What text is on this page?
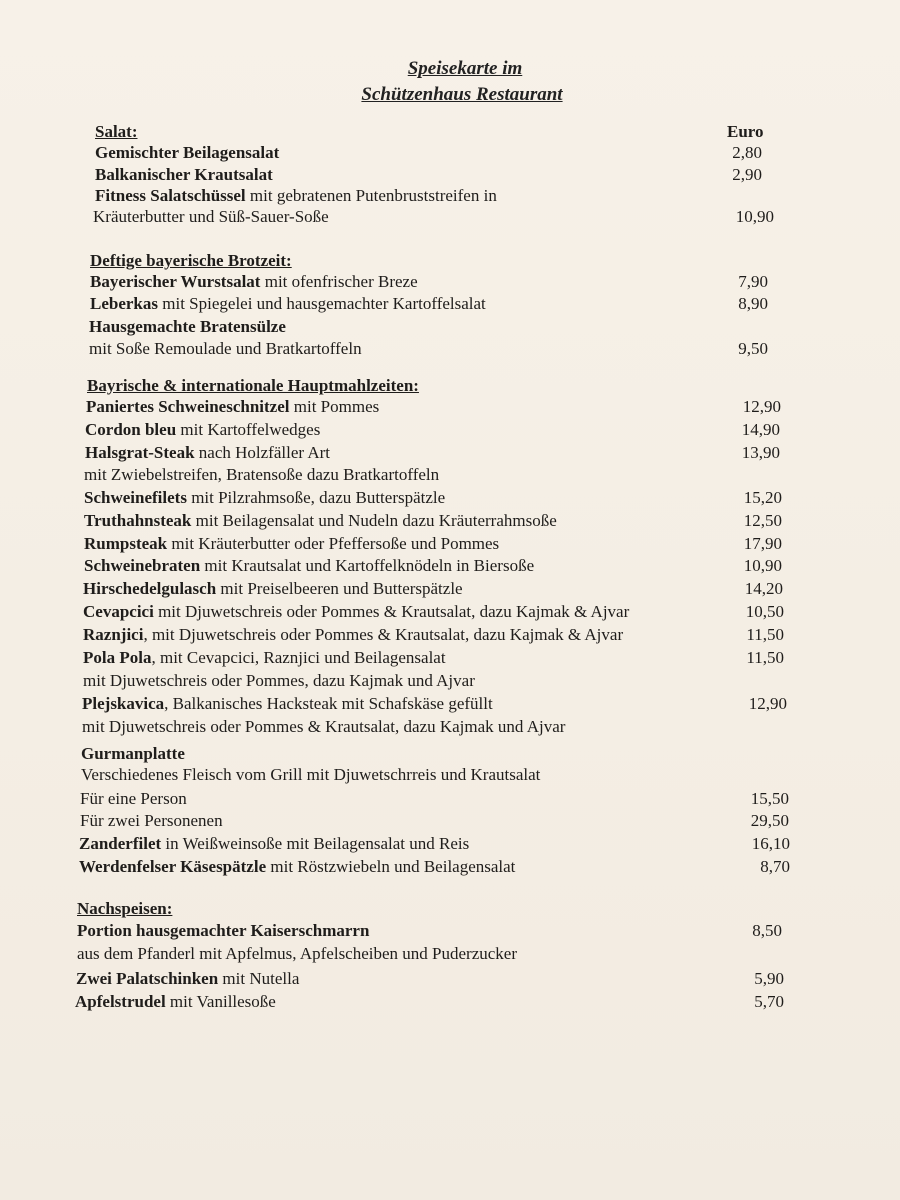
Speisekarte im
Schützenhaus Restaurant
Euro
Salat:
Gemischter Beilagensalat	2,80
Balkanischer Krautsalat	2,90
Fitness Salatschüssel mit gebratenen Putenbruststreifen in
Kräuterbutter und Süß-Sauer-Soße	10,90
Deftige bayerische Brotzeit:
Bayerischer Wurstsalat mit ofenfrischer Breze	7,90
Leberkas mit Spiegelei und hausgemachter Kartoffelsalat	8,90
Hausgemachte Bratensülze
mit Soße Remoulade und Bratkartoffeln	9,50
Bayrische & internationale Hauptmahlzeiten:
Paniertes Schweineschnitzel mit Pommes	12,90
Cordon bleu mit Kartoffelwedges	14,90
Halsgrat-Steak nach Holzfäller Art	13,90
mit Zwiebelstreifen, Bratensoße dazu Bratkartoffeln
Schweinefilets mit Pilzrahmsoße, dazu Butterspätzle	15,20
Truthahnsteak mit Beilagensalat und Nudeln dazu Kräuterrahmsoße	12,50
Rumpsteak mit Kräuterbutter oder Pfeffersoße und Pommes	17,90
Schweinebraten mit Krautsalat und Kartoffelknödeln in Biersoße	10,90
Hirschedelgulasch mit Preiselbeeren und Butterspätzle	14,20
Cevapcici mit Djuwetschreis oder Pommes & Krautsalat, dazu Kajmak & Ajvar	10,50
Raznjici, mit Djuwetschreis oder Pommes & Krautsalat, dazu Kajmak & Ajvar	11,50
Pola Pola, mit Cevapcici, Raznjici und Beilagensalat	11,50
mit Djuwetschreis oder Pommes, dazu Kajmak und Ajvar
Plejskavica, Balkanisches Hacksteak mit Schafskäse gefüllt	12,90
mit Djuwetschreis oder Pommes & Krautsalat, dazu Kajmak und Ajvar
Gurmanplatte
Verschiedenes Fleisch vom Grill mit Djuwetschrreis und Krautsalat
Für eine Person	15,50
Für zwei Personenen	29,50
Zanderfilet in Weißweinsoße mit Beilagensalat und Reis	16,10
Werdenfelser Käsespätzle mit Röstzwiebeln und Beilagensalat	8,70
Nachspeisen:
Portion hausgemachter Kaiserschmarrn	8,50
aus dem Pfanderl mit Apfelmus, Apfelscheiben und Puderzucker
Zwei Palatschinken mit Nutella	5,90
Apfelstrudel mit Vanillesoße	5,70
